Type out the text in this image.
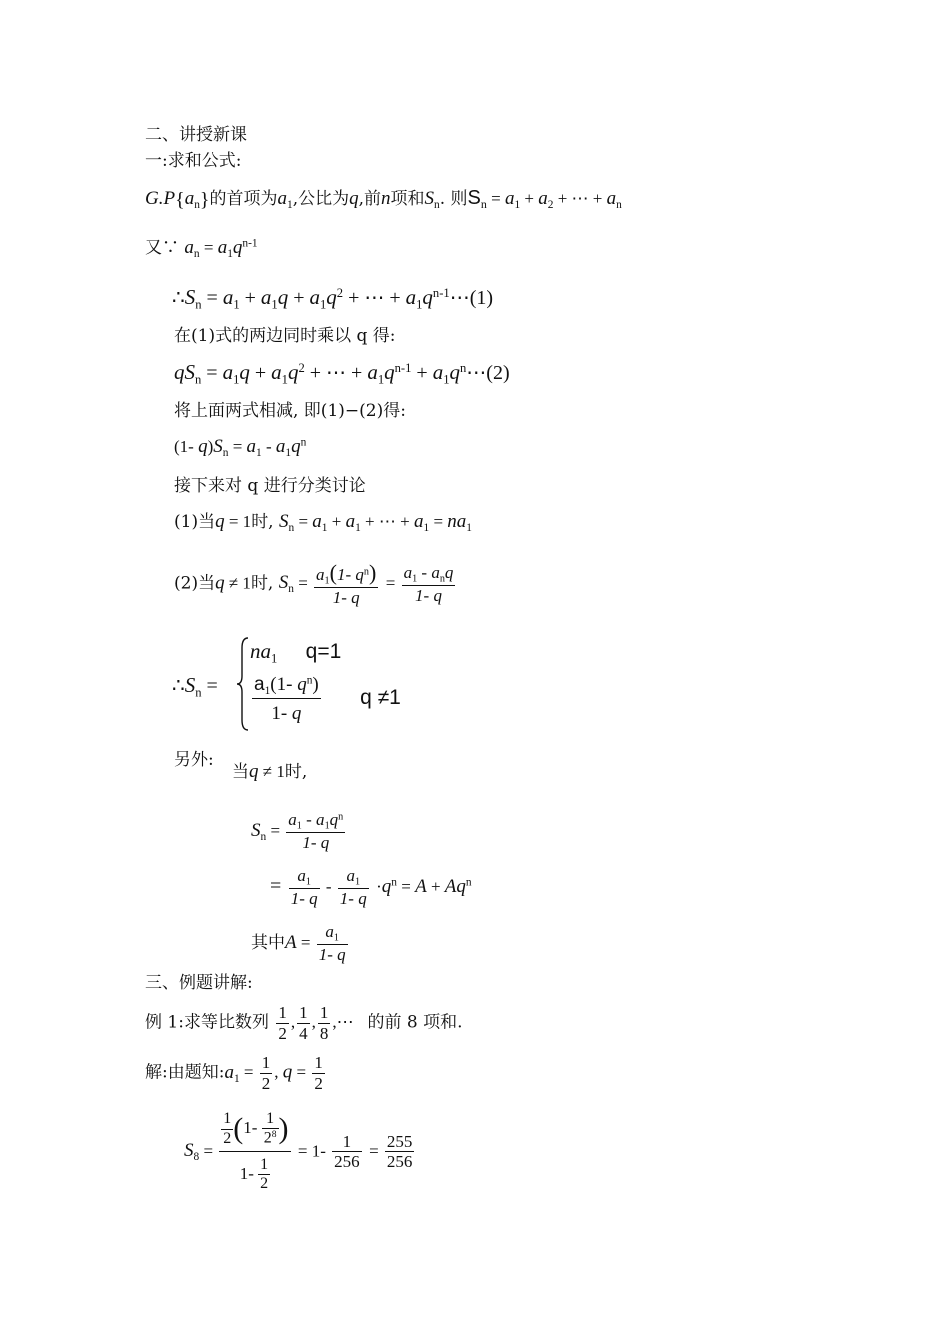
二、讲授新课
一:求和公式:
$G.P\{a_n\}$的首项为$a_1$,公比为q,前n项和$S_n$. 则$S_n = a_1 + a_2$ + ⋯ + $a_n$
又∵ $a_n = a_1q^{n-1}$
$\therefore S_n = a_1 + a_1q + a_1q^2$ + ⋯ + $a_1q^{n-1}\cdots(1)$
在(1)式的两边同时乘以 q 得:
$qS_n = a_1q + a_1q^2$ + ⋯ + $a_1q^{n-1}$ + $a_1q^n\cdots(2)$
将上面两式相减, 即(1)−(2)得:
(1- $q)S_n = a_1 - a_1q^n$
接下来对 q 进行分类讨论
(1)当q = 1时, $S_n = a_1 + a_1$ + ⋯ + $a_1 = na_1$
(2)当q ≠ 1时, $S_n = \frac{a_1(1- q^n)}{1- q}$ =
$a_1 - a_nq$
1- q
$\therefore S_n$ =
$na_1$ q=1
$\frac{a_1(1- q^n)}{1- q}$ q ≠1
另外:
当q ≠ 1时,
$S_n = \frac{a_1 - a_1q^n}{1- q}$
= $\frac{a_1}{1- q} - \frac{a_1}{1- q} \cdot q^n = A + Aq^n$
其中$A = \frac{a_1}{1- q}$
三、例题讲解:
例 1:求等比数列 $\frac{1}{2}$ , $\frac{1}{4}$ , $\frac{1}{8}$ ,⋯   的前 8 项和.
解:由题知$:a_1 = \frac{1}{2}$ , $q = \frac{1}{2}$
$S_8 = \frac{\frac{1}{2} (1- \frac{1}{2^8} )}{1- \frac{1}{2}} = 1- \frac{1}{256} = \frac{255}{256}$
